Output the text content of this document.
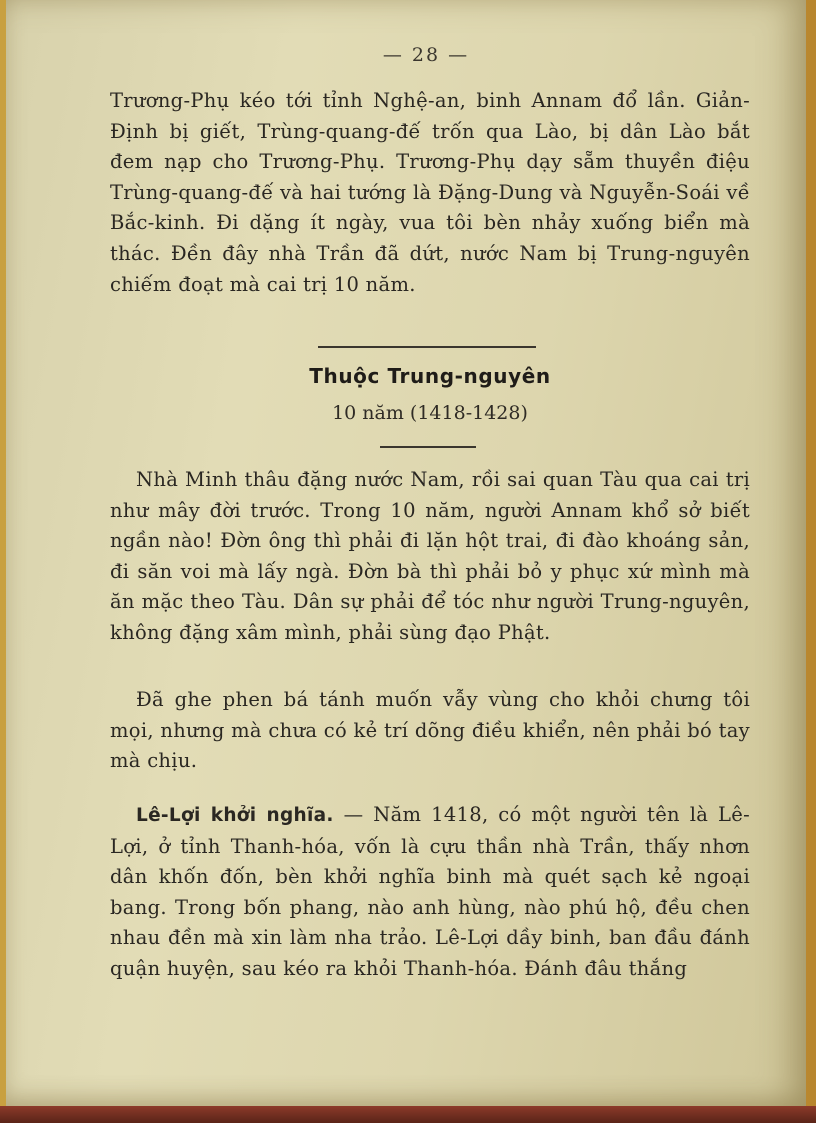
— 28 —

Trương-Phụ kéo tới tỉnh Nghệ-an, binh Annam đổ lần. Giản-Định bị giết, Trùng-quang-đế trốn qua Lào, bị dân Lào bắt đem nạp cho Trương-Phụ. Trương-Phụ dạy sẵm thuyền điệu Trùng-quang-đế và hai tướng là Đặng-Dung và Nguyễn-Soái về Bắc-kinh. Đi dặng ít ngày, vua tôi bèn nhảy xuống biển mà thác. Đền đây nhà Trần đã dứt, nước Nam bị Trung-nguyên chiếm đoạt mà cai trị 10 năm.

Thuộc Trung-nguyên
10 năm (1418-1428)

Nhà Minh thâu đặng nước Nam, rồi sai quan Tàu qua cai trị như mây đời trước. Trong 10 năm, người Annam khổ sở biết ngần nào! Đờn ông thì phải đi lặn hột trai, đi đào khoáng sản, đi săn voi mà lấy ngà. Đờn bà thì phải bỏ y phục xứ mình mà ăn mặc theo Tàu. Dân sự phải để tóc như người Trung-nguyên, không đặng xâm mình, phải sùng đạo Phật.

Đã ghe phen bá tánh muốn vẫy vùng cho khỏi chưng tôi mọi, nhưng mà chưa có kẻ trí dõng điều khiển, nên phải bó tay mà chịu.

Lê-Lợi khởi nghĩa. — Năm 1418, có một người tên là Lê-Lợi, ở tỉnh Thanh-hóa, vốn là cựu thần nhà Trần, thấy nhơn dân khốn đốn, bèn khởi nghĩa binh mà quét sạch kẻ ngoại bang. Trong bốn phang, nào anh hùng, nào phú hộ, đều chen nhau đền mà xin làm nha trảo. Lê-Lợi dầy binh, ban đầu đánh quận huyện, sau kéo ra khỏi Thanh-hóa. Đánh đâu thắng
